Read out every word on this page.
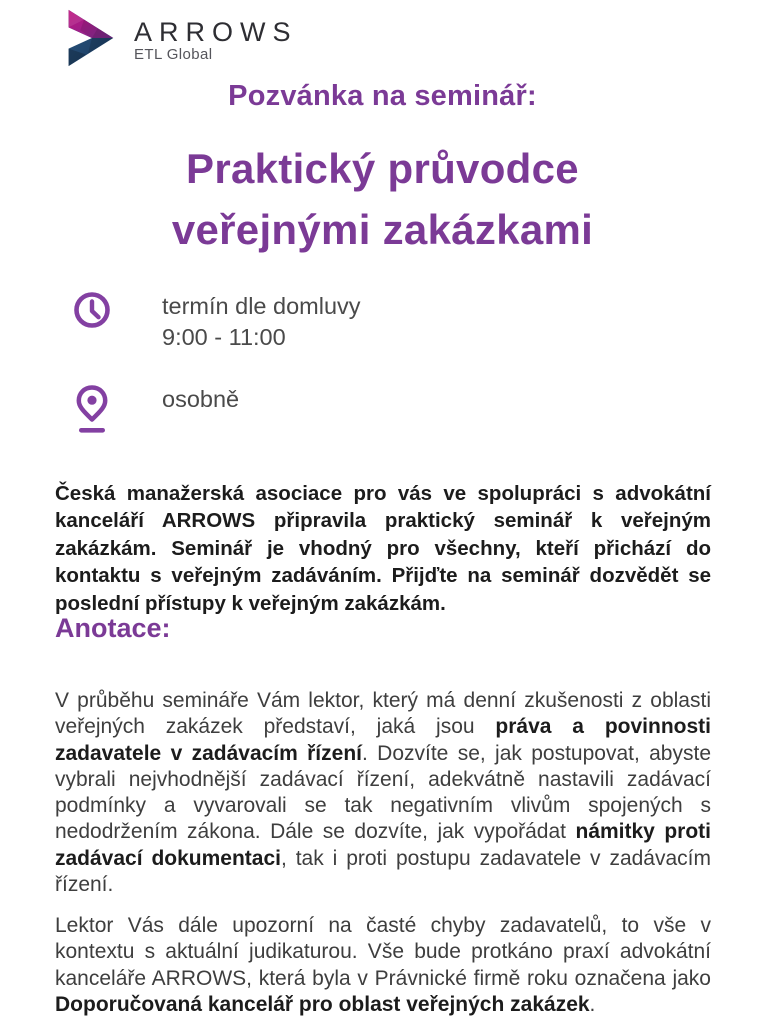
ARROWS
ETL Global
Pozvánka na seminář:
Praktický průvodce
veřejnými zakázkami
termín dle domluvy
9:00 - 11:00
osobně

Česká manažerská asociace pro vás ve spolupráci s advokátní kanceláří ARROWS připravila praktický seminář k veřejným zakázkám. Seminář je vhodný pro všechny, kteří přichází do kontaktu s veřejným zadáváním. Přijďte na seminář dozvědět se poslední přístupy k veřejným zakázkám.

Anotace:

V průběhu semináře Vám lektor, který má denní zkušenosti z oblasti veřejných zakázek představí, jaká jsou práva a povinnosti zadavatele v zadávacím řízení. Dozvíte se, jak postupovat, abyste vybrali nejvhodnější zadávací řízení, adekvátně nastavili zadávací podmínky a vyvarovali se tak negativním vlivům spojených s nedodržením zákona. Dále se dozvíte, jak vypořádat námitky proti zadávací dokumentaci, tak i proti postupu zadavatele v zadávacím řízení.

Lektor Vás dále upozorní na časté chyby zadavatelů, to vše v kontextu s aktuální judikaturou. Vše bude protkáno praxí advokátní kanceláře ARROWS, která byla v Právnické firmě roku označena jako Doporučovaná kancelář pro oblast veřejných zakázek.
